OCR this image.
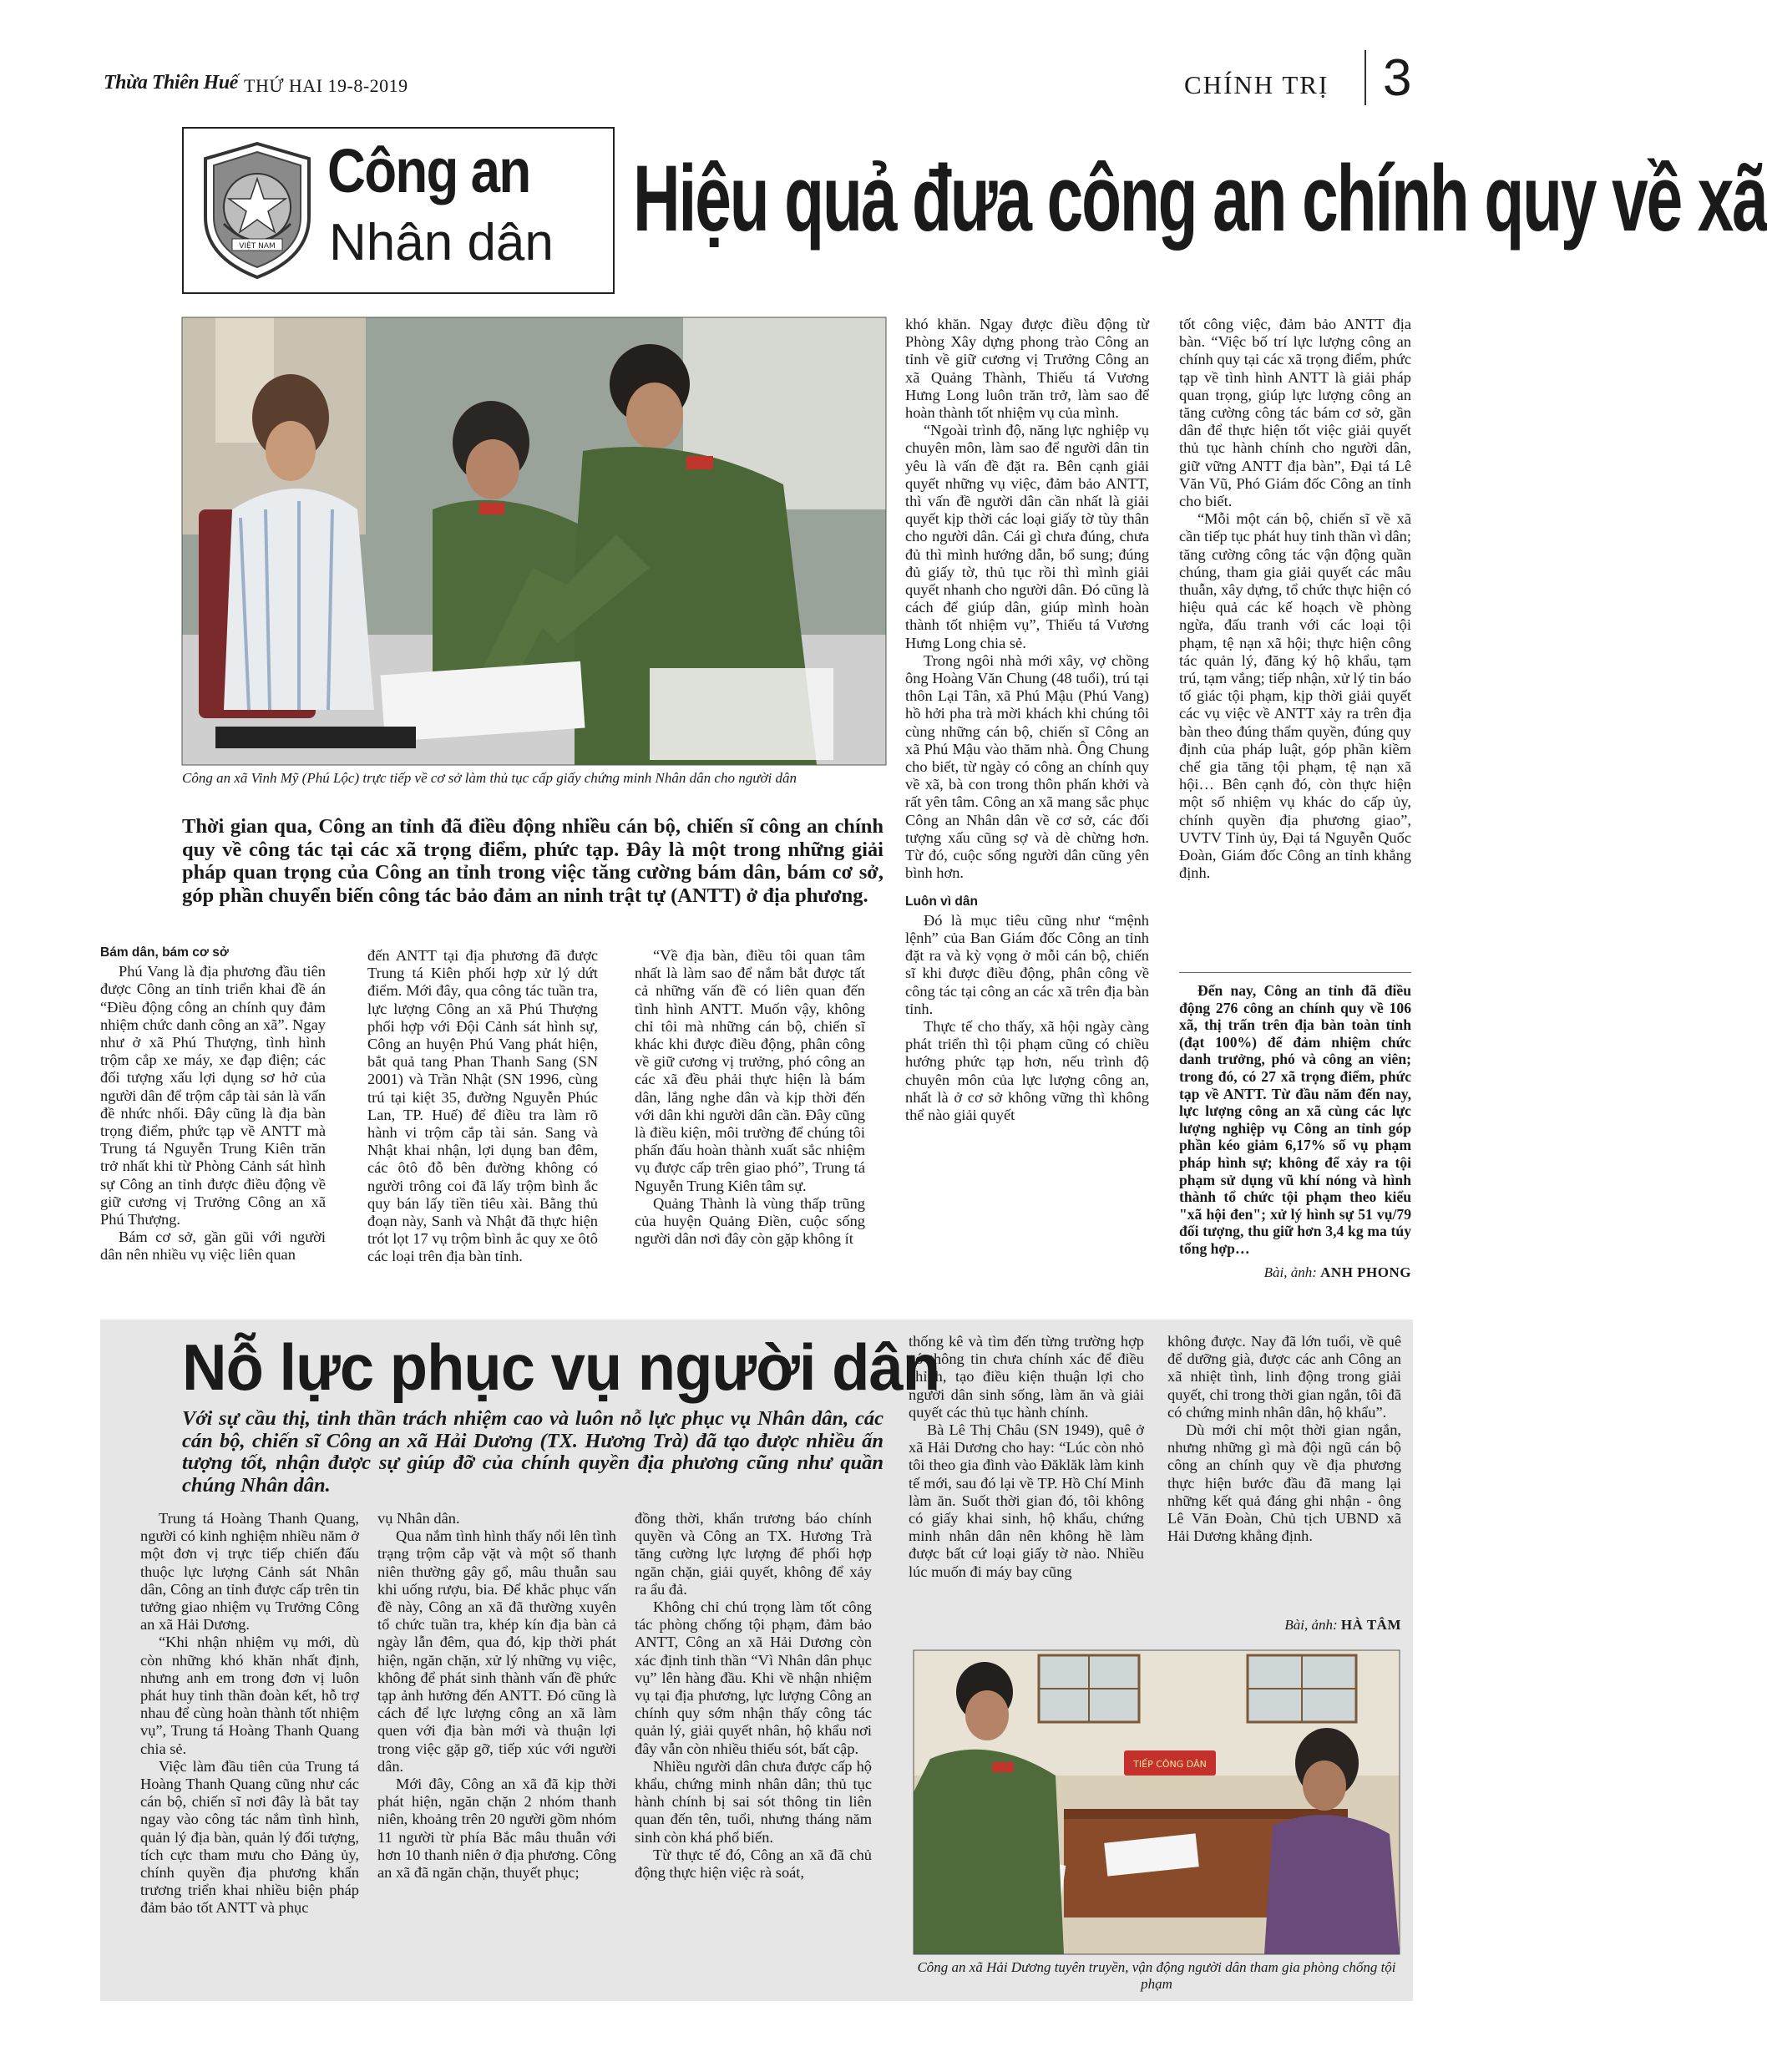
Thừa Thiên Huế THỨ HAI 19-8-2019	CHÍNH TRỊ 3
VIỆT NAM
Công an
Nhân dân Hiệu quả đưa công an chính quy về xã
Công an xã Vinh Mỹ (Phú Lộc) trực tiếp về cơ sở làm thủ tục cấp giấy chứng minh Nhân dân cho người dân
Thời gian qua, Công an tỉnh đã điều động nhiều cán bộ, chiến sĩ công an chính quy về công tác tại các xã trọng điểm, phức tạp. Đây là một trong những giải pháp quan trọng của Công an tỉnh trong việc tăng cường bám dân, bám cơ sở, góp phần chuyển biến công tác bảo đảm an ninh trật tự (ANTT) ở địa phương.
Bám dân, bám cơ sở

Phú Vang là địa phương đầu tiên được Công an tỉnh triển khai đề án “Điều động công an chính quy đảm nhiệm chức danh công an xã”. Ngay như ở xã Phú Thượng, tình hình trộm cắp xe máy, xe đạp điện; các đối tượng xấu lợi dụng sơ hở của người dân để trộm cắp tài sản là vấn đề nhức nhối. Đây cũng là địa bàn trọng điểm, phức tạp về ANTT mà Trung tá Nguyễn Trung Kiên trăn trở nhất khi từ Phòng Cảnh sát hình sự Công an tỉnh được điều động về giữ cương vị Trưởng Công an xã Phú Thượng.

Bám cơ sở, gần gũi với người dân nên nhiều vụ việc liên quan

đến ANTT tại địa phương đã được Trung tá Kiên phối hợp xử lý dứt điểm. Mới đây, qua công tác tuần tra, lực lượng Công an xã Phú Thượng phối hợp với Đội Cảnh sát hình sự, Công an huyện Phú Vang phát hiện, bắt quả tang Phan Thanh Sang (SN 2001) và Trần Nhật (SN 1996, cùng trú tại kiệt 35, đường Nguyễn Phúc Lan, TP. Huế) để điều tra làm rõ hành vi trộm cắp tài sản. Sang và Nhật khai nhận, lợi dụng ban đêm, các ôtô đỗ bên đường không có người trông coi đã lấy trộm bình ắc quy bán lấy tiền tiêu xài. Bằng thủ đoạn này, Sanh và Nhật đã thực hiện trót lọt 17 vụ trộm bình ắc quy xe ôtô các loại trên địa bàn tỉnh.

“Về địa bàn, điều tôi quan tâm nhất là làm sao để nắm bắt được tất cả những vấn đề có liên quan đến tình hình ANTT. Muốn vậy, không chỉ tôi mà những cán bộ, chiến sĩ khác khi được điều động, phân công về giữ cương vị trưởng, phó công an các xã đều phải thực hiện là bám dân, lắng nghe dân và kịp thời đến với dân khi người dân cần. Đây cũng là điều kiện, môi trường để chúng tôi phấn đấu hoàn thành xuất sắc nhiệm vụ được cấp trên giao phó”, Trung tá Nguyễn Trung Kiên tâm sự.

Quảng Thành là vùng thấp trũng của huyện Quảng Điền, cuộc sống người dân nơi đây còn gặp không ít

khó khăn. Ngay được điều động từ Phòng Xây dựng phong trào Công an tỉnh về giữ cương vị Trưởng Công an xã Quảng Thành, Thiếu tá Vương Hưng Long luôn trăn trở, làm sao để hoàn thành tốt nhiệm vụ của mình.

“Ngoài trình độ, năng lực nghiệp vụ chuyên môn, làm sao để người dân tin yêu là vấn đề đặt ra. Bên cạnh giải quyết những vụ việc, đảm bảo ANTT, thì vấn đề người dân cần nhất là giải quyết kịp thời các loại giấy tờ tùy thân cho người dân. Cái gì chưa đúng, chưa đủ thì mình hướng dẫn, bổ sung; đúng đủ giấy tờ, thủ tục rồi thì mình giải quyết nhanh cho người dân. Đó cũng là cách để giúp dân, giúp mình hoàn thành tốt nhiệm vụ”, Thiếu tá Vương Hưng Long chia sẻ.

Trong ngôi nhà mới xây, vợ chồng ông Hoàng Văn Chung (48 tuổi), trú tại thôn Lại Tân, xã Phú Mậu (Phú Vang) hồ hởi pha trà mời khách khi chúng tôi cùng những cán bộ, chiến sĩ Công an xã Phú Mậu vào thăm nhà. Ông Chung cho biết, từ ngày có công an chính quy về xã, bà con trong thôn phấn khởi và rất yên tâm. Công an xã mang sắc phục Công an Nhân dân về cơ sở, các đối tượng xấu cũng sợ và dè chừng hơn. Từ đó, cuộc sống người dân cũng yên bình hơn.

Luôn vì dân

Đó là mục tiêu cũng như “mệnh lệnh” của Ban Giám đốc Công an tỉnh đặt ra và kỳ vọng ở mỗi cán bộ, chiến sĩ khi được điều động, phân công về công tác tại công an các xã trên địa bàn tỉnh.

Thực tế cho thấy, xã hội ngày càng phát triển thì tội phạm cũng có chiều hướng phức tạp hơn, nếu trình độ chuyên môn của lực lượng công an, nhất là ở cơ sở không vững thì không thể nào giải quyết

tốt công việc, đảm bảo ANTT địa bàn. “Việc bố trí lực lượng công an chính quy tại các xã trọng điểm, phức tạp về tình hình ANTT là giải pháp quan trọng, giúp lực lượng công an tăng cường công tác bám cơ sở, gần dân để thực hiện tốt việc giải quyết thủ tục hành chính cho người dân, giữ vững ANTT địa bàn”, Đại tá Lê Văn Vũ, Phó Giám đốc Công an tỉnh cho biết.

“Mỗi một cán bộ, chiến sĩ về xã cần tiếp tục phát huy tinh thần vì dân; tăng cường công tác vận động quần chúng, tham gia giải quyết các mâu thuẫn, xây dựng, tổ chức thực hiện có hiệu quả các kế hoạch về phòng ngừa, đấu tranh với các loại tội phạm, tệ nạn xã hội; thực hiện công tác quản lý, đăng ký hộ khẩu, tạm trú, tạm vắng; tiếp nhận, xử lý tin báo tố giác tội phạm, kịp thời giải quyết các vụ việc về ANTT xảy ra trên địa bàn theo đúng thẩm quyền, đúng quy định của pháp luật, góp phần kiềm chế gia tăng tội phạm, tệ nạn xã hội… Bên cạnh đó, còn thực hiện một số nhiệm vụ khác do cấp ủy, chính quyền địa phương giao”, UVTV Tỉnh ủy, Đại tá Nguyễn Quốc Đoàn, Giám đốc Công an tỉnh khẳng định.

Đến nay, Công an tỉnh đã điều động 276 công an chính quy về 106 xã, thị trấn trên địa bàn toàn tỉnh (đạt 100%) để đảm nhiệm chức danh trưởng, phó và công an viên; trong đó, có 27 xã trọng điểm, phức tạp về ANTT. Từ đầu năm đến nay, lực lượng công an xã cùng các lực lượng nghiệp vụ Công an tỉnh góp phần kéo giảm 6,17% số vụ phạm pháp hình sự; không để xảy ra tội phạm sử dụng vũ khí nóng và hình thành tổ chức tội phạm theo kiểu "xã hội đen"; xử lý hình sự 51 vụ/79 đối tượng, thu giữ hơn 3,4 kg ma túy tổng hợp…

Bài, ảnh: ANH PHONG
Nỗ lực phục vụ người dân
Với sự cầu thị, tinh thần trách nhiệm cao và luôn nỗ lực phục vụ Nhân dân, các cán bộ, chiến sĩ Công an xã Hải Dương (TX. Hương Trà) đã tạo được nhiều ấn tượng tốt, nhận được sự giúp đỡ của chính quyền địa phương cũng như quần chúng Nhân dân.

Trung tá Hoàng Thanh Quang, người có kinh nghiệm nhiều năm ở một đơn vị trực tiếp chiến đấu thuộc lực lượng Cảnh sát Nhân dân, Công an tỉnh được cấp trên tin tưởng giao nhiệm vụ Trưởng Công an xã Hải Dương.

“Khi nhận nhiệm vụ mới, dù còn những khó khăn nhất định, nhưng anh em trong đơn vị luôn phát huy tinh thần đoàn kết, hỗ trợ nhau để cùng hoàn thành tốt nhiệm vụ”, Trung tá Hoàng Thanh Quang chia sẻ.

Việc làm đầu tiên của Trung tá Hoàng Thanh Quang cũng như các cán bộ, chiến sĩ nơi đây là bắt tay ngay vào công tác nắm tình hình, quản lý địa bàn, quản lý đối tượng, tích cực tham mưu cho Đảng ủy, chính quyền địa phương khẩn trương triển khai nhiều biện pháp đảm bảo tốt ANTT và phục

vụ Nhân dân.

Qua nắm tình hình thấy nổi lên tình trạng trộm cắp vặt và một số thanh niên thường gây gổ, mâu thuẫn sau khi uống rượu, bia. Để khắc phục vấn đề này, Công an xã đã thường xuyên tổ chức tuần tra, khép kín địa bàn cả ngày lẫn đêm, qua đó, kịp thời phát hiện, ngăn chặn, xử lý những vụ việc, không để phát sinh thành vấn đề phức tạp ảnh hưởng đến ANTT. Đó cũng là cách để lực lượng công an xã làm quen với địa bàn mới và thuận lợi trong việc gặp gỡ, tiếp xúc với người dân.

Mới đây, Công an xã đã kịp thời phát hiện, ngăn chặn 2 nhóm thanh niên, khoảng trên 20 người gồm nhóm 11 người từ phía Bắc mâu thuẫn với hơn 10 thanh niên ở địa phương. Công an xã đã ngăn chặn, thuyết phục;

đồng thời, khẩn trương báo chính quyền và Công an TX. Hương Trà tăng cường lực lượng để phối hợp ngăn chặn, giải quyết, không để xảy ra ẩu đả.

Không chỉ chú trọng làm tốt công tác phòng chống tội phạm, đảm bảo ANTT, Công an xã Hải Dương còn xác định tinh thần “Vì Nhân dân phục vụ” lên hàng đầu. Khi về nhận nhiệm vụ tại địa phương, lực lượng Công an chính quy sớm nhận thấy công tác quản lý, giải quyết nhân, hộ khẩu nơi đây vẫn còn nhiều thiếu sót, bất cập.

Nhiều người dân chưa được cấp hộ khẩu, chứng minh nhân dân; thủ tục hành chính bị sai sót thông tin liên quan đến tên, tuổi, nhưng tháng năm sinh còn khá phổ biến.

Từ thực tế đó, Công an xã đã chủ động thực hiện việc rà soát,

thống kê và tìm đến từng trường hợp có thông tin chưa chính xác để điều chỉnh, tạo điều kiện thuận lợi cho người dân sinh sống, làm ăn và giải quyết các thủ tục hành chính.

Bà Lê Thị Châu (SN 1949), quê ở xã Hải Dương cho hay: “Lúc còn nhỏ tôi theo gia đình vào Đăklăk làm kinh tế mới, sau đó lại về TP. Hồ Chí Minh làm ăn. Suốt thời gian đó, tôi không có giấy khai sinh, hộ khẩu, chứng minh nhân dân nên không hề làm được bất cứ loại giấy tờ nào. Nhiều lúc muốn đi máy bay cũng

không được. Nay đã lớn tuổi, về quê để dưỡng già, được các anh Công an xã nhiệt tình, linh động trong giải quyết, chỉ trong thời gian ngắn, tôi đã có chứng minh nhân dân, hộ khẩu”.

Dù mới chỉ một thời gian ngắn, nhưng những gì mà đội ngũ cán bộ công an chính quy về địa phương thực hiện bước đầu đã mang lại những kết quả đáng ghi nhận - ông Lê Văn Đoàn, Chủ tịch UBND xã Hải Dương khẳng định.

Bài, ảnh: HÀ TÂM
TIẾP CÔNG DÂN
Công an xã Hải Dương tuyên truyền, vận động người dân tham gia phòng chống tội phạm
